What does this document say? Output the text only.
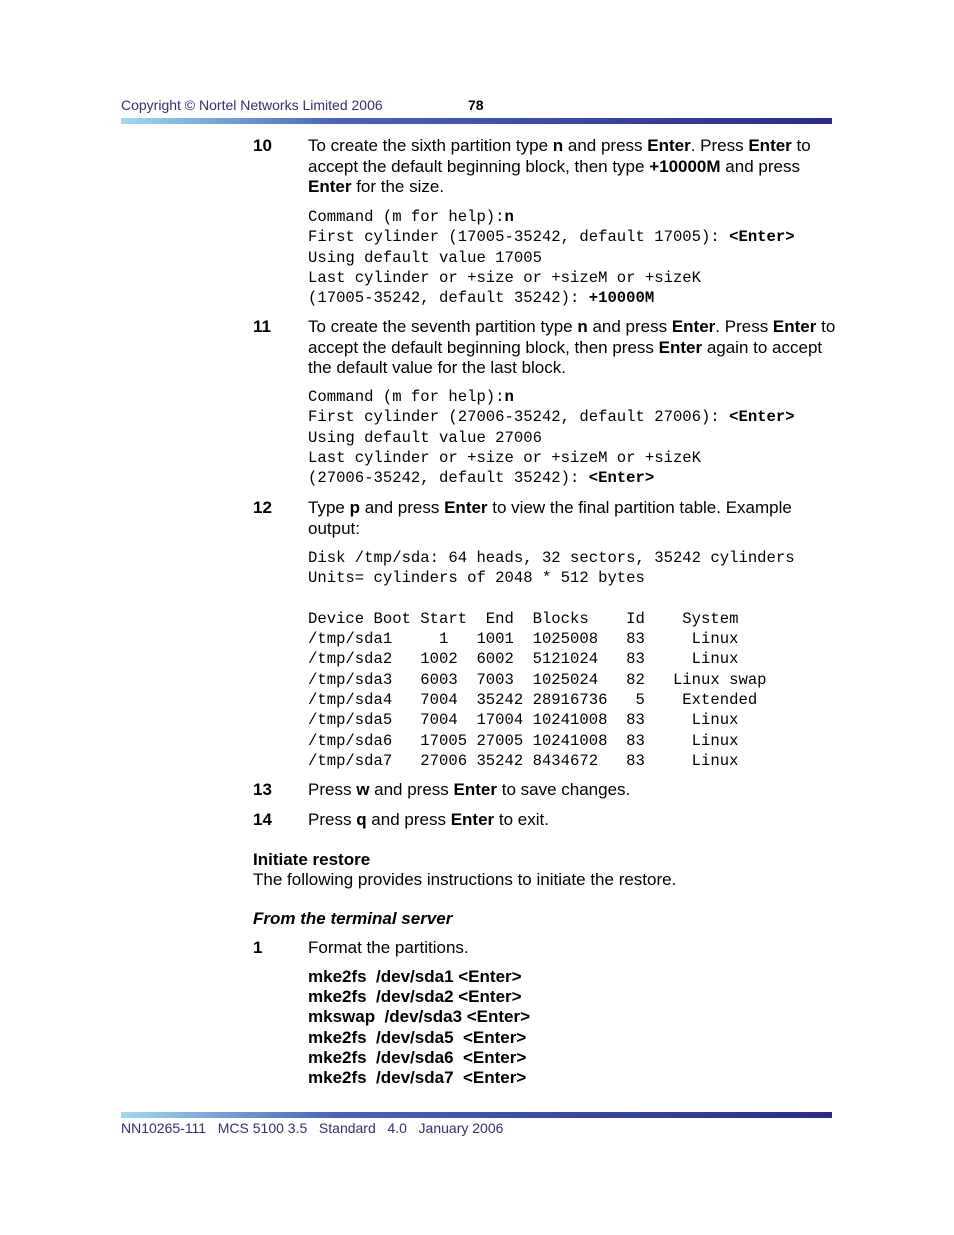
Copyright © Nortel Networks Limited 2006	78
10 To create the sixth partition type n and press Enter. Press Enter to accept the default beginning block, then type +10000M and press Enter for the size.
Command (m for help):n
First cylinder (17005-35242, default 17005): <Enter>
Using default value 17005
Last cylinder or +size or +sizeM or +sizeK
(17005-35242, default 35242): +10000M
11 To create the seventh partition type n and press Enter. Press Enter to accept the default beginning block, then press Enter again to accept the default value for the last block.
Command (m for help):n
First cylinder (27006-35242, default 27006): <Enter>
Using default value 27006
Last cylinder or +size or +sizeM or +sizeK
(27006-35242, default 35242): <Enter>
12 Type p and press Enter to view the final partition table. Example output:
Disk /tmp/sda: 64 heads, 32 sectors, 35242 cylinders
Units= cylinders of 2048 * 512 bytes
Device Boot Start  End  Blocks    Id    System
/tmp/sda1     1   1001  1025008   83     Linux
/tmp/sda2   1002  6002  5121024   83     Linux
/tmp/sda3   6003  7003  1025024   82   Linux swap
/tmp/sda4   7004  35242 28916736   5    Extended
/tmp/sda5   7004  17004 10241008  83     Linux
/tmp/sda6   17005 27005 10241008  83     Linux
/tmp/sda7   27006 35242 8434672   83     Linux
13 Press w and press Enter to save changes.
14 Press q and press Enter to exit.
Initiate restore
The following provides instructions to initiate the restore.
From the terminal server
1	Format the partitions.
mke2fs  /dev/sda1 <Enter>
mke2fs  /dev/sda2 <Enter>
mkswap  /dev/sda3 <Enter>
mke2fs  /dev/sda5  <Enter>
mke2fs  /dev/sda6  <Enter>
mke2fs  /dev/sda7  <Enter>
NN10265-111   MCS 5100 3.5   Standard   4.0   January 2006
